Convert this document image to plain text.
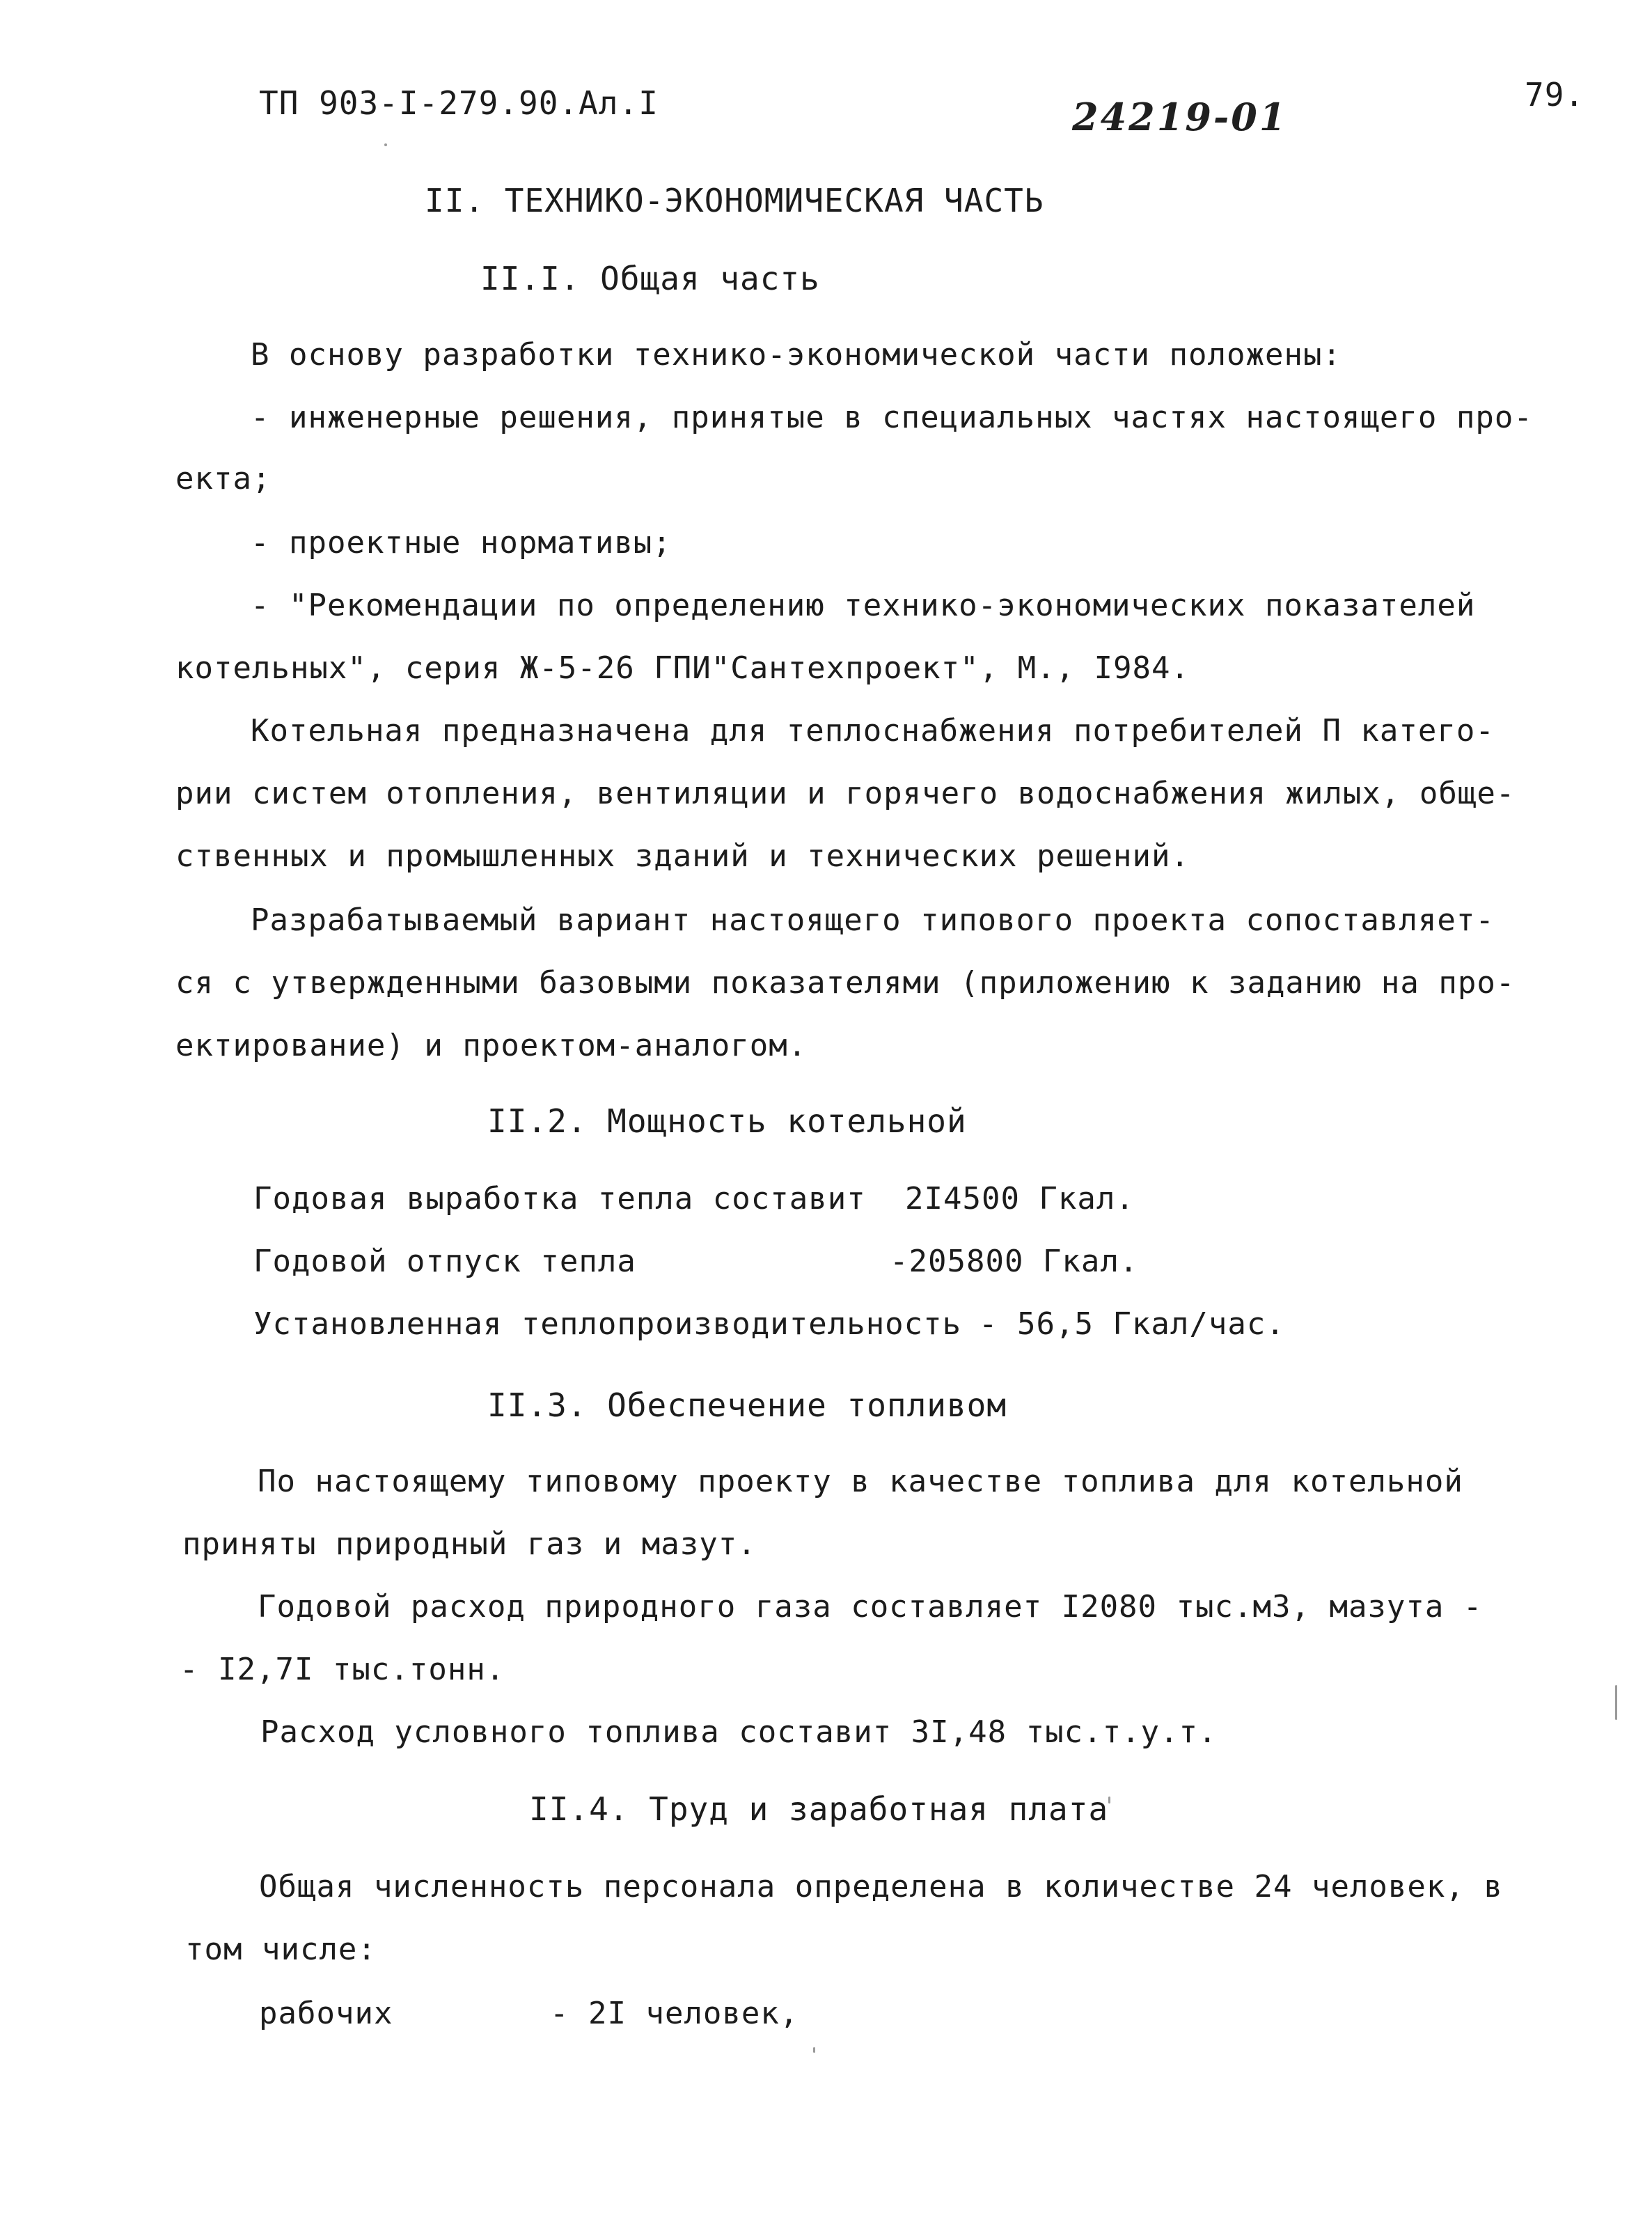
ТП 903-I-279.90.Ал.I	24219-01	79.
II. ТЕХНИКО-ЭКОНОМИЧЕСКАЯ ЧАСТЬ
II.I. Общая часть
В основу разработки технико-экономической части положены:
- инженерные решения, принятые в специальных частях настоящего про-
екта;
- проектные нормативы;
- "Рекомендации по определению технико-экономических показателей
котельных", серия Ж-5-26 ГПИ"Сантехпроект", М., I984.
Котельная предназначена для теплоснабжения потребителей П катего-
рии систем отопления, вентиляции и горячего водоснабжения жилых, обще-
ственных и промышленных зданий и технических решений.
Разрабатываемый вариант настоящего типового проекта сопоставляет-
ся с утвержденными базовыми показателями (приложению к заданию на про-
ектирование) и проектом-аналогом.
II.2. Мощность котельной
Годовая выработка тепла составит 2I4500 Гкал.
Годовой отпуск тепла	-205800 Гкал.
Установленная теплопроизводительность - 56,5 Гкал/час.
II.3. Обеспечение топливом
По настоящему типовому проекту в качестве топлива для котельной
приняты природный газ и мазут.
Годовой расход природного газа составляет I2080 тыс.м3, мазута -
- I2,7I тыс.тонн.
Расход условного топлива составит 3I,48 тыс.т.у.т.
II.4. Труд и заработная плата
Общая численность персонала определена в количестве 24 человек, в
том числе:
рабочих	- 2I человек,
